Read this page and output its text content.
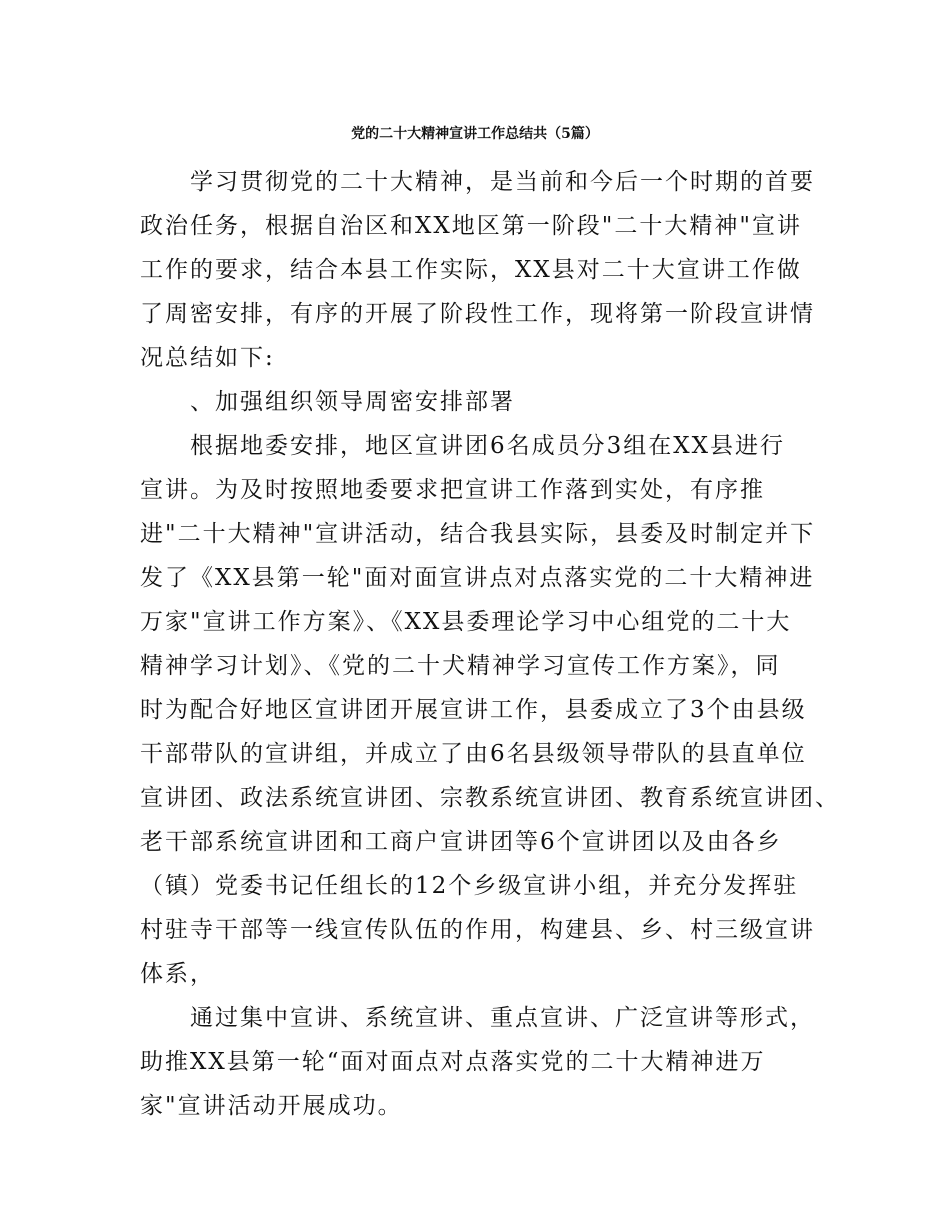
党的二十大精神宣讲工作总结共（5篇）
学习贯彻党的二十大精神，是当前和今后一个时期的首要
政治任务，根据自治区和XX地区第一阶段"二十大精神"宣讲
工作的要求，结合本县工作实际，XX县对二十大宣讲工作做
了周密安排，有序的开展了阶段性工作，现将第一阶段宣讲情
况总结如下:
、加强组织领导周密安排部署
根据地委安排，地区宣讲团6名成员分3组在XX县进行
宣讲。为及时按照地委要求把宣讲工作落到实处，有序推
进"二十大精神"宣讲活动，结合我县实际，县委及时制定并下
发了《XX县第一轮"面对面宣讲点对点落实党的二十大精神进
万家"宣讲工作方案》、《XX县委理论学习中心组党的二十大
精神学习计划》、《党的二十犬精神学习宣传工作方案》，同
时为配合好地区宣讲团开展宣讲工作，县委成立了3个由县级
干部带队的宣讲组，并成立了由6名县级领导带队的县直单位
宣讲团、政法系统宣讲团、宗教系统宣讲团、教育系统宣讲团、
老干部系统宣讲团和工商户宣讲团等6个宣讲团以及由各乡
（镇）党委书记任组长的12个乡级宣讲小组，并充分发挥驻
村驻寺干部等一线宣传队伍的作用，构建县、乡、村三级宣讲
体系，
通过集中宣讲、系统宣讲、重点宣讲、广泛宣讲等形式，
助推XX县第一轮“面对面点对点落实党的二十大精神进万
家"宣讲活动开展成功。
